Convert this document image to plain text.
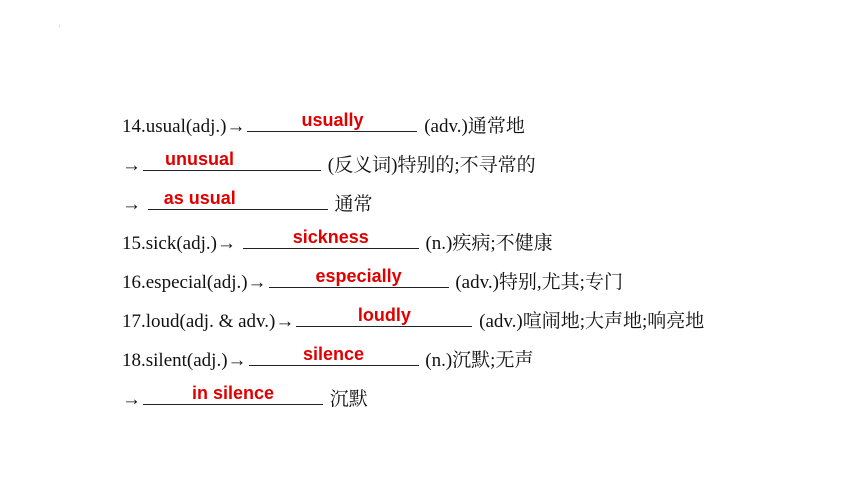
·
14.usual(adj.)→	usually	(adv.)通常地
→	unusual	(反义词)特别的;不寻常的
→	as usual	通常
15.sick(adj.)→	sickness	(n.)疾病;不健康
16.especial(adj.)→	especially	(adv.)特别,尤其;专门
17.loud(adj. & adv.)→	loudly	(adv.)喧闹地;大声地;响亮地
18.silent(adj.)→	silence	(n.)沉默;无声
→	in silence	沉默
